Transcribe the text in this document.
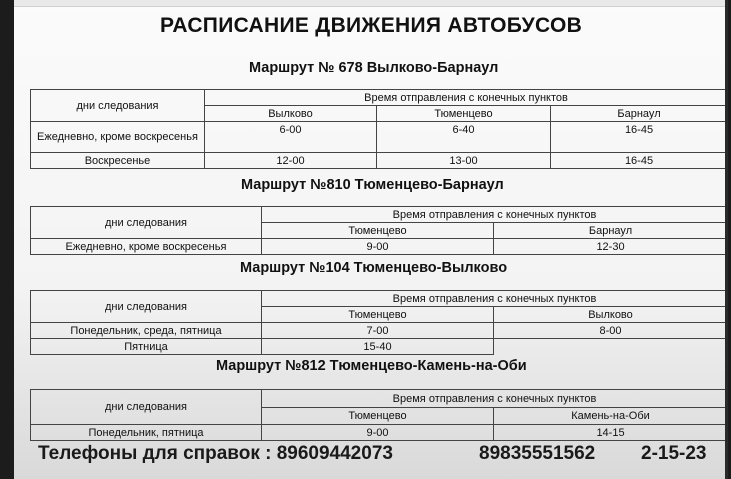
РАСПИСАНИЕ ДВИЖЕНИЯ АВТОБУСОВ
Маршрут № 678 Вылково-Барнаул
дни следования	Время отправления с конечных пунктов		
	Вылково	Тюменцево	Барнаул
Ежедневно, кроме воскресенья	6-00	6-40	16-45
Воскресенье	12-00	13-00	16-45
Маршрут №810 Тюменцево-Барнаул
дни следования	Время отправления с конечных пунктов	
	Тюменцево	Барнаул
Ежедневно, кроме воскресенья	9-00	12-30
Маршрут №104 Тюменцево-Вылково
дни следования	Время отправления с конечных пунктов	
	Тюменцево	Вылково
Понедельник, среда, пятница	7-00	8-00
Пятница	15-40	
Маршрут №812 Тюменцево-Камень-на-Оби
дни следования	Время отправления с конечных пунктов	
	Тюменцево	Камень-на-Оби
Понедельник, пятница	9-00	14-15
Телефоны для справок : 89609442073	89835551562 2-15-23
